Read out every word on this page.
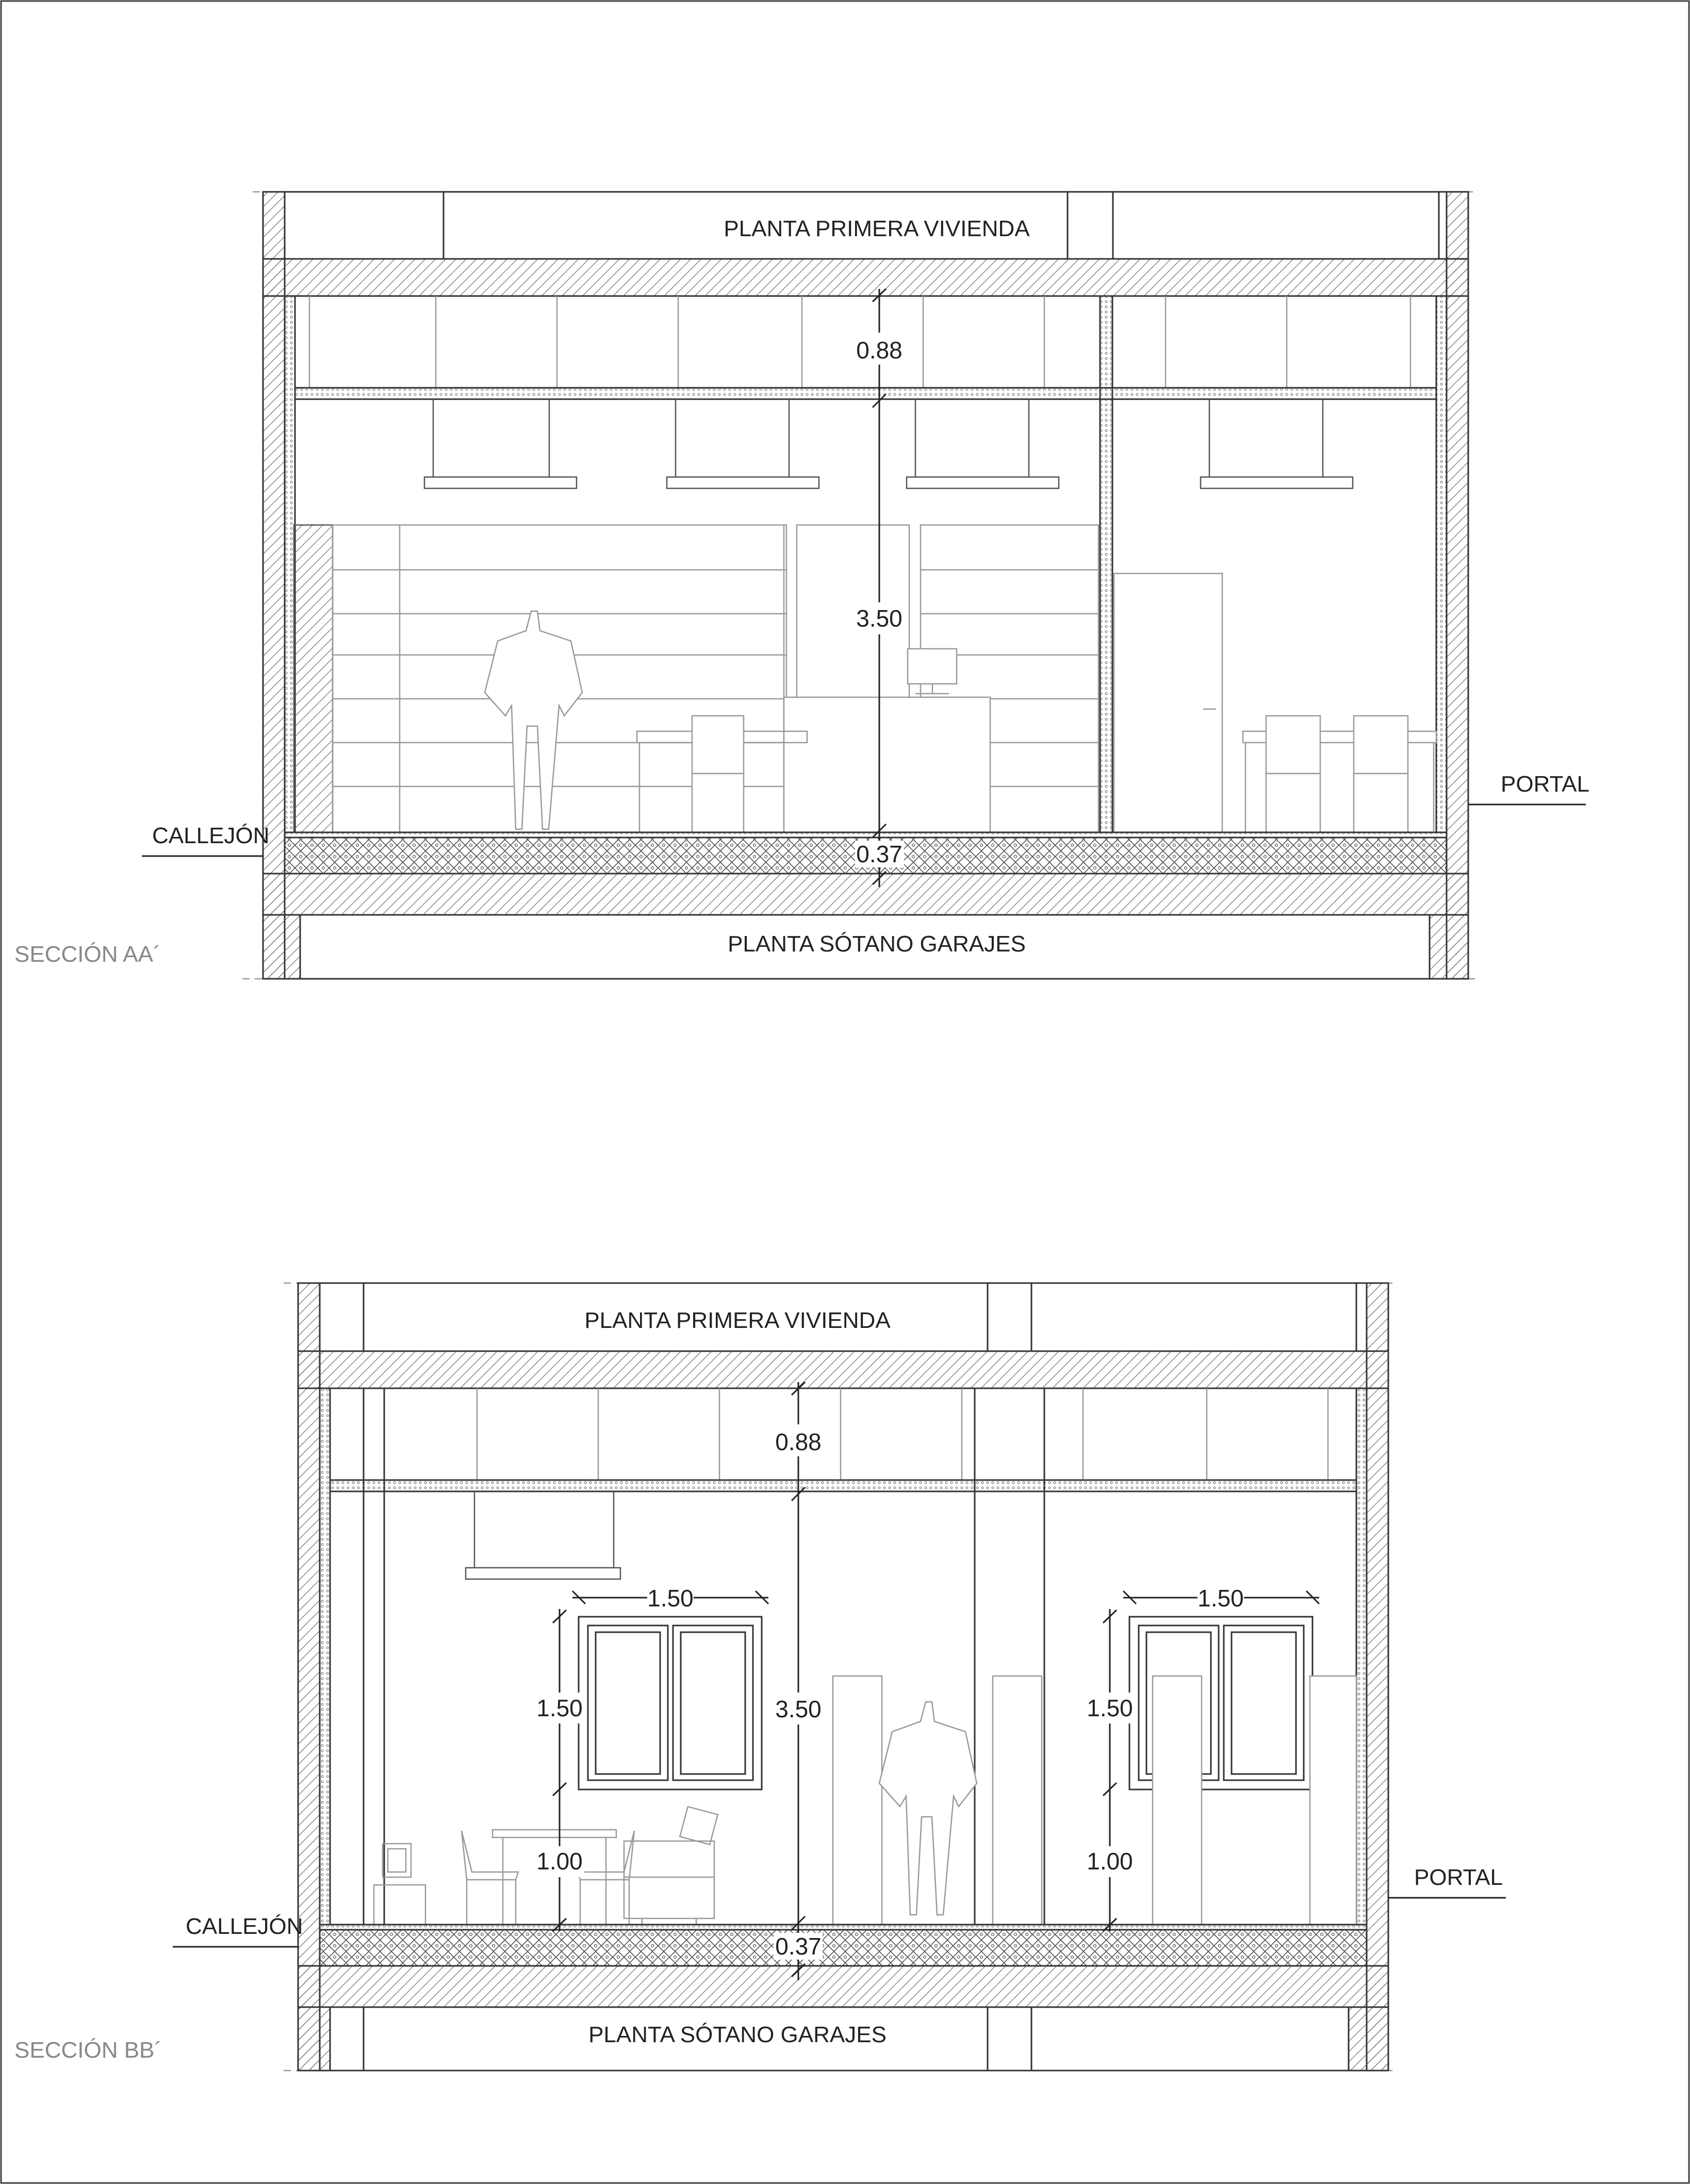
0.88
3.50
0.37
PLANTA PRIMERA VIVIENDA
PLANTA SÓTANO GARAJES
CALLEJÓN
PORTAL
SECCIÓN AA´
PLANTA PRIMERA VIVIENDA
PLANTA SÓTANO GARAJES
0.88
3.50
0.37
1.50
1.50
1.00
1.50
1.50
1.00
CALLEJÓN
PORTAL
SECCIÓN BB´
